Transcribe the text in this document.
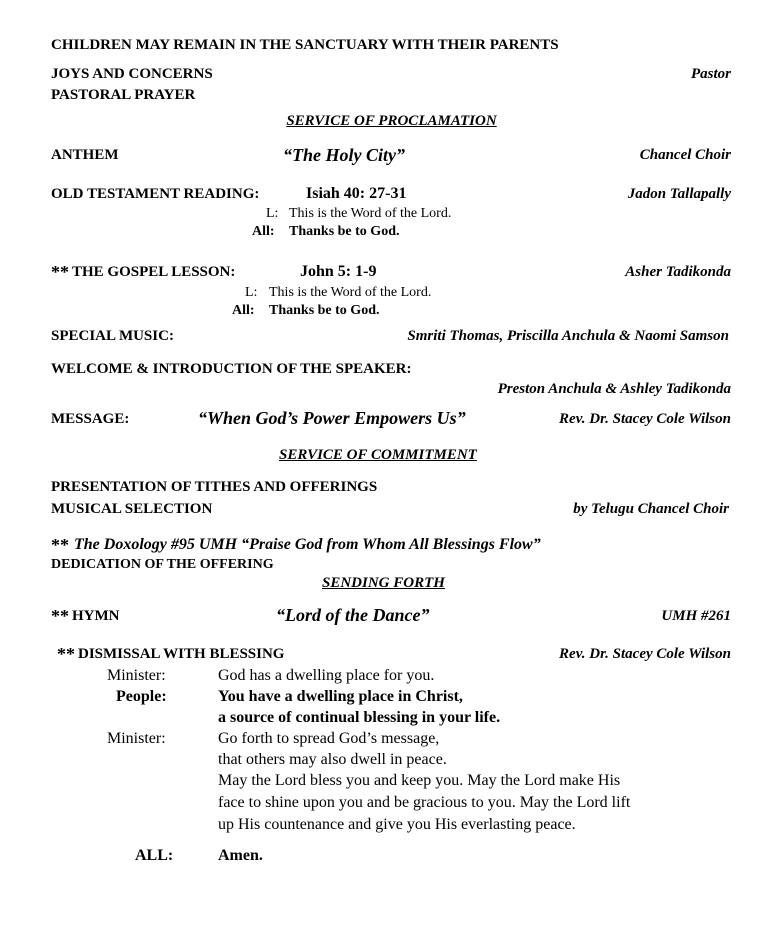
CHILDREN MAY REMAIN IN THE SANCTUARY WITH THEIR PARENTS
JOYS AND CONCERNS	Pastor
PASTORAL PRAYER
SERVICE OF PROCLAMATION
ANTHEM	“The Holy City”	Chancel Choir
OLD TESTAMENT READING:	Isiah 40: 27-31	Jadon Tallapally
L: This is the Word of the Lord.
All: Thanks be to God.
** THE GOSPEL LESSON:	John 5: 1-9	Asher Tadikonda
L: This is the Word of the Lord.
All: Thanks be to God.
SPECIAL MUSIC:	Smriti Thomas, Priscilla Anchula & Naomi Samson
WELCOME & INTRODUCTION OF THE SPEAKER:
Preston Anchula & Ashley Tadikonda
MESSAGE:	“When God’s Power Empowers Us”	Rev. Dr. Stacey Cole Wilson
SERVICE OF COMMITMENT
PRESENTATION OF TITHES AND OFFERINGS
MUSICAL SELECTION	by Telugu Chancel Choir
** The Doxology #95 UMH “Praise God from Whom All Blessings Flow”
DEDICATION OF THE OFFERING
SENDING FORTH
** HYMN	“Lord of the Dance”	UMH #261
** DISMISSAL WITH BLESSING	Rev. Dr. Stacey Cole Wilson
Minister:	God has a dwelling place for you.
People:	You have a dwelling place in Christ,
a source of continual blessing in your life.
Minister:	Go forth to spread God’s message,
that others may also dwell in peace.
May the Lord bless you and keep you. May the Lord make His
face to shine upon you and be gracious to you. May the Lord lift
up His countenance and give you His everlasting peace.
ALL:	Amen.
